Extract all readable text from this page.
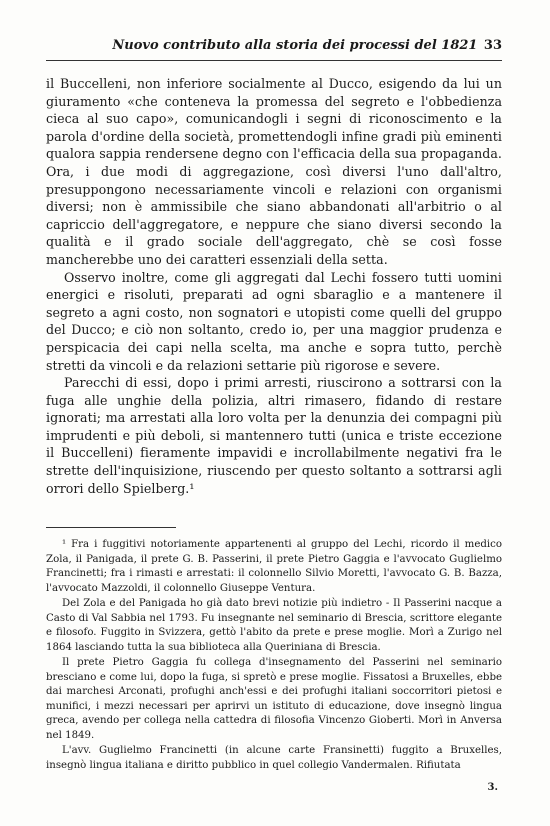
Nuovo contributo alla storia dei processi del 1821 33

il Buccelleni, non inferiore socialmente al Ducco, esigendo da lui un giuramento «che conteneva la promessa del segreto e l'obbedienza cieca al suo capo», comunicandogli i segni di riconoscimento e la parola d'ordine della società, promettendogli infine gradi più eminenti qualora sappia rendersene degno con l'efficacia della sua propaganda. Ora, i due modi di aggregazione, così diversi l'uno dall'altro, presuppongono necessariamente vincoli e relazioni con organismi diversi; non è ammissibile che siano abbandonati all'arbitrio o al capriccio dell'aggregatore, e neppure che siano diversi secondo la qualità e il grado sociale dell'aggregato, chè se così fosse mancherebbe uno dei caratteri essenziali della setta.

Osservo inoltre, come gli aggregati dal Lechi fossero tutti uomini energici e risoluti, preparati ad ogni sbaraglio e a mantenere il segreto a agni costo, non sognatori e utopisti come quelli del gruppo del Ducco; e ciò non soltanto, credo io, per una maggior prudenza e perspicacia dei capi nella scelta, ma anche e sopra tutto, perchè stretti da vincoli e da relazioni settarie più rigorose e severe.

Parecchi di essi, dopo i primi arresti, riuscirono a sottrarsi con la fuga alle unghie della polizia, altri rimasero, fidando di restare ignorati; ma arrestati alla loro volta per la denunzia dei compagni più imprudenti e più deboli, si mantennero tutti (unica e triste eccezione il Buccelleni) fieramente impavidi e incrollabilmente negativi fra le strette dell'inquisizione, riuscendo per questo soltanto a sottrarsi agli orrori dello Spielberg.¹

¹ Fra i fuggitivi notoriamente appartenenti al gruppo del Lechi, ricordo il medico Zola, il Panigada, il prete G. B. Passerini, il prete Pietro Gaggia e l'avvocato Guglielmo Francinetti; fra i rimasti e arrestati: il colonnello Silvio Moretti, l'avvocato G. B. Bazza, l'avvocato Mazzoldi, il colonnello Giuseppe Ventura.

Del Zola e del Panigada ho già dato brevi notizie più indietro - Il Passerini nacque a Casto di Val Sabbia nel 1793. Fu insegnante nel seminario di Brescia, scrittore elegante e filosofo. Fuggito in Svizzera, gettò l'abito da prete e prese moglie. Morì a Zurigo nel 1864 lasciando tutta la sua biblioteca alla Queriniana di Brescia.

Il prete Pietro Gaggia fu collega d'insegnamento del Passerini nel seminario bresciano e come lui, dopo la fuga, si spretò e prese moglie. Fissatosi a Bruxelles, ebbe dai marchesi Arconati, profughi anch'essi e dei profughi italiani soccorritori pietosi e munifici, i mezzi necessari per aprirvi un istituto di educazione, dove insegnò lingua greca, avendo per collega nella cattedra di filosofia Vincenzo Gioberti. Morì in Anversa nel 1849.

L'avv. Guglielmo Francinetti (in alcune carte Fransinetti) fuggito a Bruxelles, insegnò lingua italiana e diritto pubblico in quel collegio Vandermalen. Rifiutata

3.
